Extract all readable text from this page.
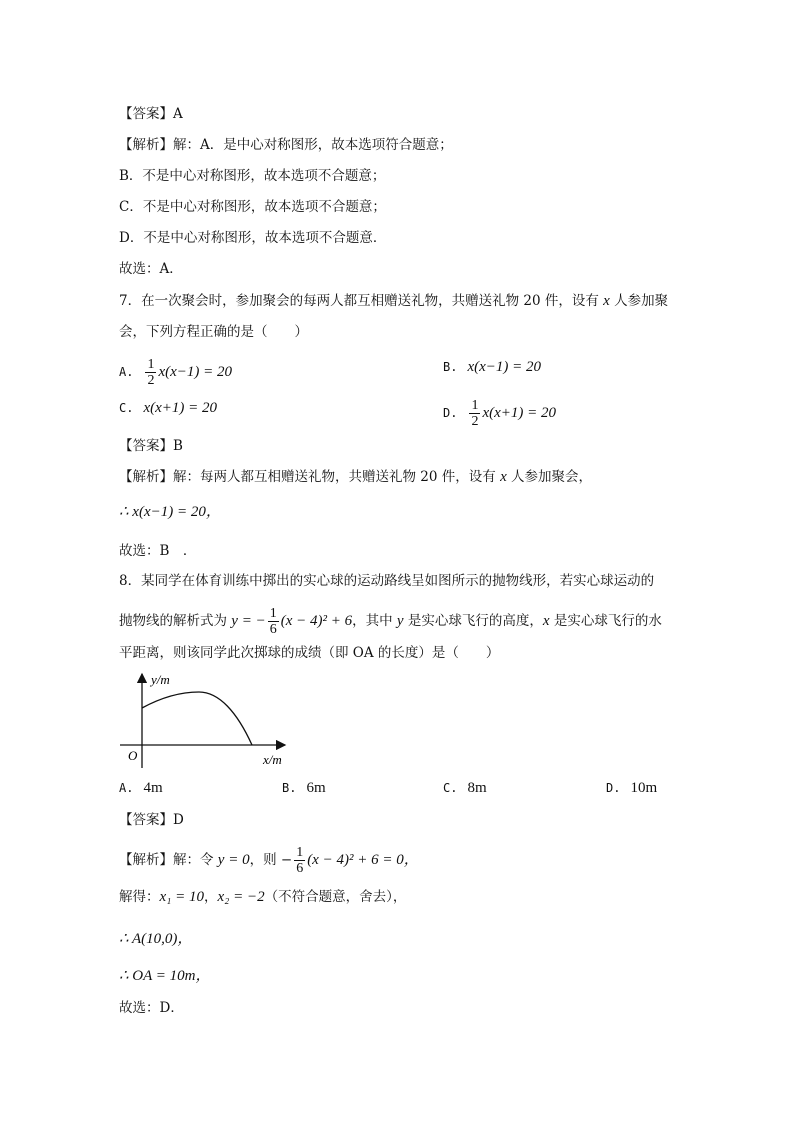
【答案】A
【解析】解：A．是中心对称图形，故本选项符合题意；
B．不是中心对称图形，故本选项不合题意；
C．不是中心对称图形，故本选项不合题意；
D．不是中心对称图形，故本选项不合题意．
故选：A．
7．在一次聚会时，参加聚会的每两人都互相赠送礼物，共赠送礼物 20 件，设有 x 人参加聚
会，下列方程正确的是（　　）
A. $\frac{1}{2} x(x-1) = 20$	B. x(x−1) = 20
C. x(x+1) = 20	D. $\frac{1}{2} x(x+1) = 20$
【答案】B
【解析】解：每两人都互相赠送礼物，共赠送礼物 20 件，设有 x 人参加聚会，
∴ x(x−1) = 20，
故选：B　．
8．某同学在体育训练中掷出的实心球的运动路线呈如图所示的抛物线形，若实心球运动的
抛物线的解析式为 y = − $\frac{1}{6} (x - 4)^2 + 6$，其中 y 是实心球飞行的高度，x 是实心球飞行的水
平距离，则该同学此次掷球的成绩（即 OA 的长度）是（　　）
y/m
x/m
O
A. 4m	B. 6m	C. 8m	D. 10m
【答案】D
【解析】解：令 y = 0，则 − $\frac{1}{6} (x - 4)^2 + 6 = 0$，
解得：x₁ = 10，x₂ = −2（不符合题意，舍去），
∴ A(10,0)，
∴ OA = 10m，
故选：D．
